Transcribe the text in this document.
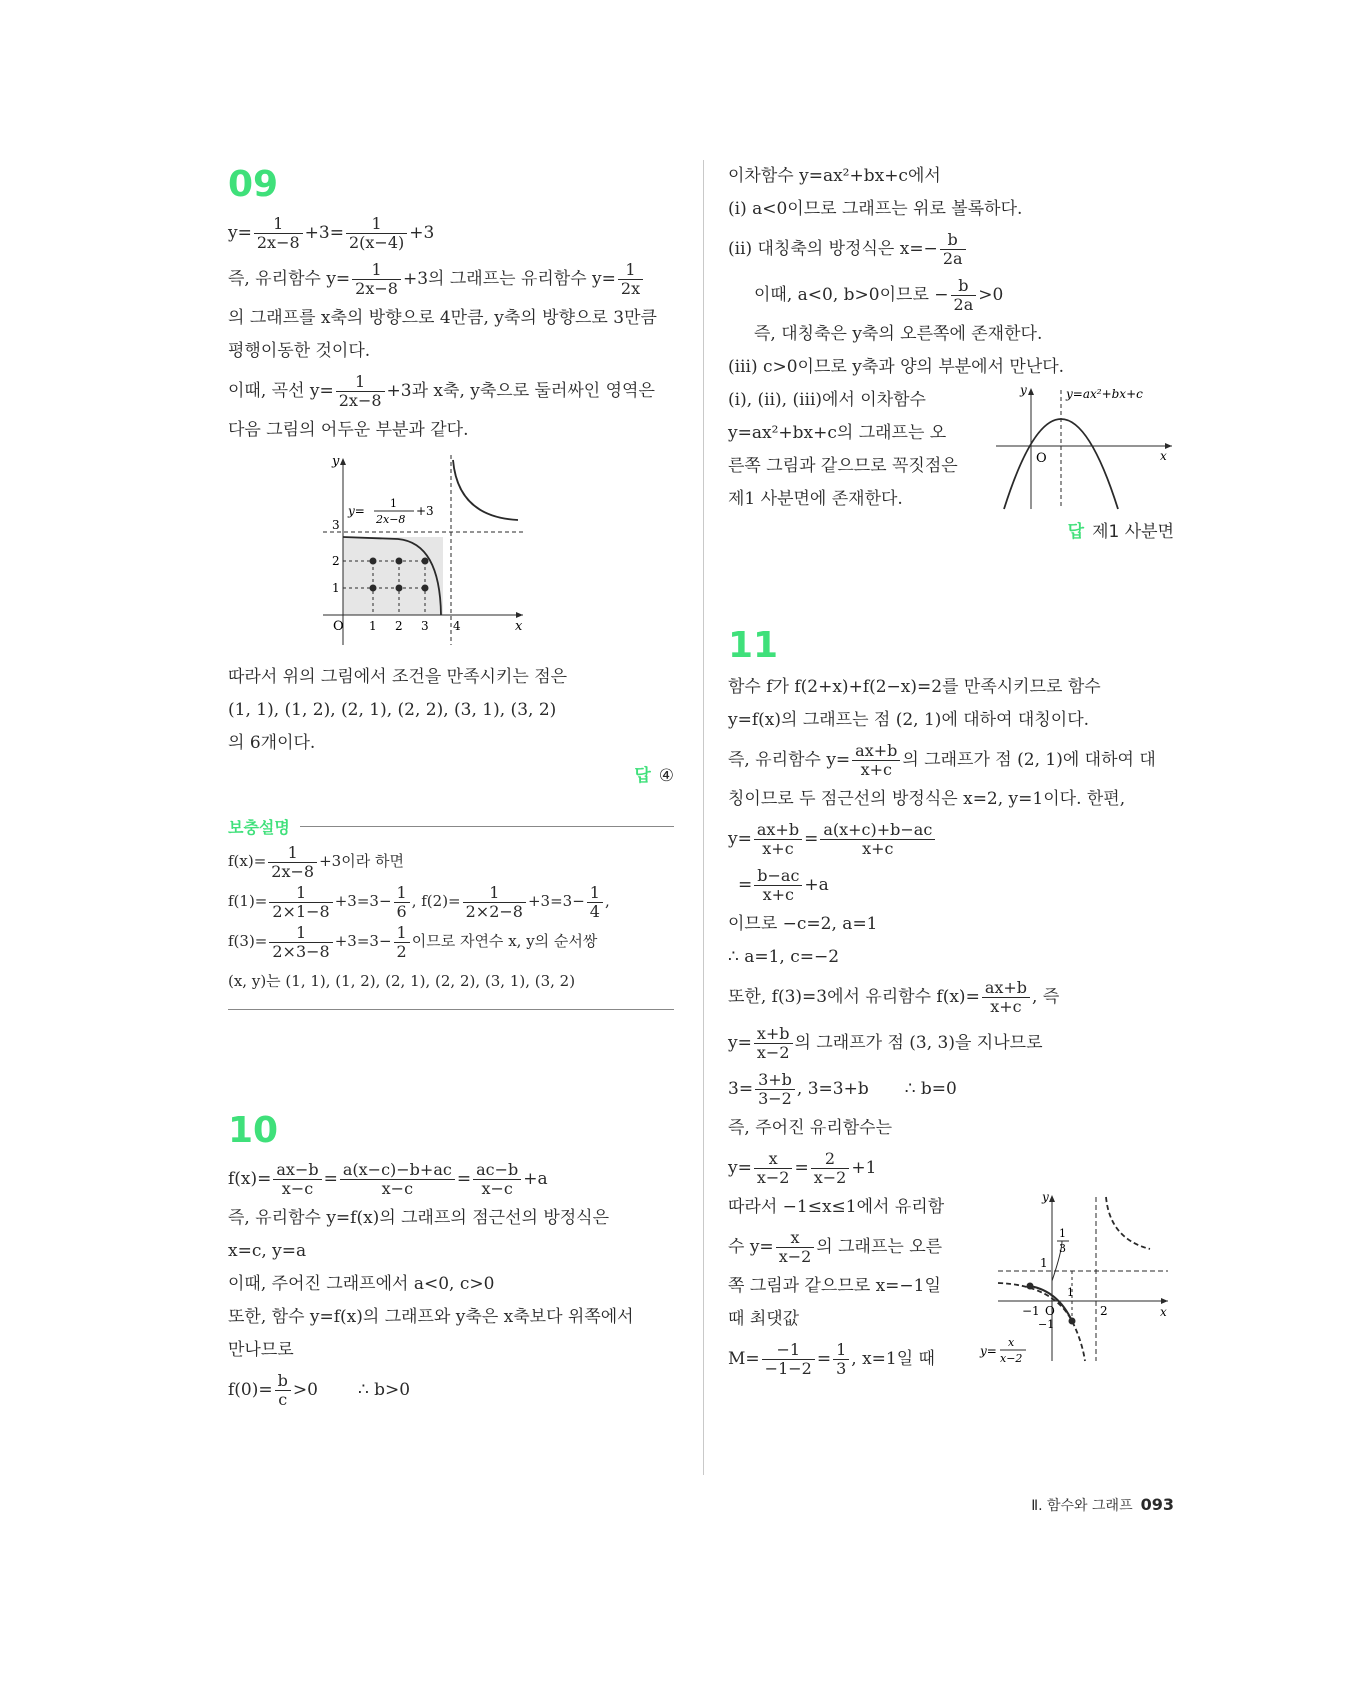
09
$y= \frac{1}{2x-8} +3= \frac{1}{2(x-4)} +3$
즉, 유리함수 $y= \frac{1}{2x-8} +3$의 그래프는 유리함수 $y= \frac{1}{2x}$
의 그래프를 x축의 방향으로 4만큼, y축의 방향으로 3만큼
평행이동한 것이다.
이때, 곡선 $y= \frac{1}{2x-8} +3$과 x축, y축으로 둘러싸인 영역은
다음 그림의 어두운 부분과 같다.
y
x
O 1 2 3 4
1
2
3
y=
1
2x−8
+3
따라서 위의 그림에서 조건을 만족시키는 점은
(1, 1), (1, 2), (2, 1), (2, 2), (3, 1), (3, 2)
의 6개이다.
답 ④
보충설명
$f(x)= \frac{1}{2x-8} +3$이라 하면
$f(1)= \frac{1}{2\times 1-8} +3=3- \frac{1}{6}$ , $f(2)= \frac{1}{2\times 2-8} +3=3- \frac{1}{4}$ ,
$f(3)= \frac{1}{2\times 3-8} +3=3- \frac{1}{2}$ 이므로 자연수 x, y의 순서쌍
(x, y)는 (1, 1), (1, 2), (2, 1), (2, 2), (3, 1), (3, 2)
10
$f(x)= \frac{ax-b}{x-c} = \frac{a(x-c)-b+ac}{x-c} = \frac{ac-b}{x-c} +a$
즉, 유리함수 y=f(x)의 그래프의 점근선의 방정식은
x=c, y=a
이때, 주어진 그래프에서 a<0, c>0
또한, 함수 y=f(x)의 그래프와 y축은 x축보다 위쪽에서
만나므로
$f(0)= \frac{b}{c} >0$ ∴ b>0
이차함수 y=ax²+bx+c에서
(ⅰ) a<0이므로 그래프는 위로 볼록하다.
(ⅱ) 대칭축의 방정식은 $x=- \frac{b}{2a}$
이때, a<0, b>0이므로 − $\frac{b}{2a} >0$
즉, 대칭축은 y축의 오른쪽에 존재한다.
(ⅲ) c>0이므로 y축과 양의 부분에서 만난다.
(ⅰ), (ⅱ), (ⅲ)에서 이차함수
y=ax²+bx+c의 그래프는 오
른쪽 그림과 같으므로 꼭짓점은
제1 사분면에 존재한다.
y
x
O
y=ax²+bx+c
답 제1 사분면
11
함수 f가 f(2+x)+f(2−x)=2를 만족시키므로 함수
y=f(x)의 그래프는 점 (2, 1)에 대하여 대칭이다.
즉, 유리함수 $y= \frac{ax+b}{x+c}$ 의 그래프가 점 (2, 1)에 대하여 대
칭이므로 두 점근선의 방정식은 x=2, y=1이다. 한편,
$y= \frac{ax+b}{x+c} = \frac{a(x+c)+b-ac}{x+c}$
= $\frac{b-ac}{x+c} +a$
이므로 −c=2, a=1
∴ a=1, c=−2
또한, f(3)=3에서 유리함수 $f(x)= \frac{ax+b}{x+c}$ , 즉
$y= \frac{x+b}{x-2}$ 의 그래프가 점 (3, 3)을 지나므로
$3= \frac{3+b}{3-2}$ , 3=3+b ∴ b=0
즉, 주어진 유리함수는
$y= \frac{x}{x-2} = \frac{2}{x-2} +1$
따라서 −1≤x≤1에서 유리함
수 $y= \frac{x}{x-2}$ 의 그래프는 오른
쪽 그림과 같으므로 x=−1일
때 최댓값
$M= \frac{-1}{-1-2} = \frac{1}{3}$ , x=1일 때
y
x
1
1
3
1
−1 O
−1
2
y=
x
x−2
Ⅱ. 함수와 그래프 093
